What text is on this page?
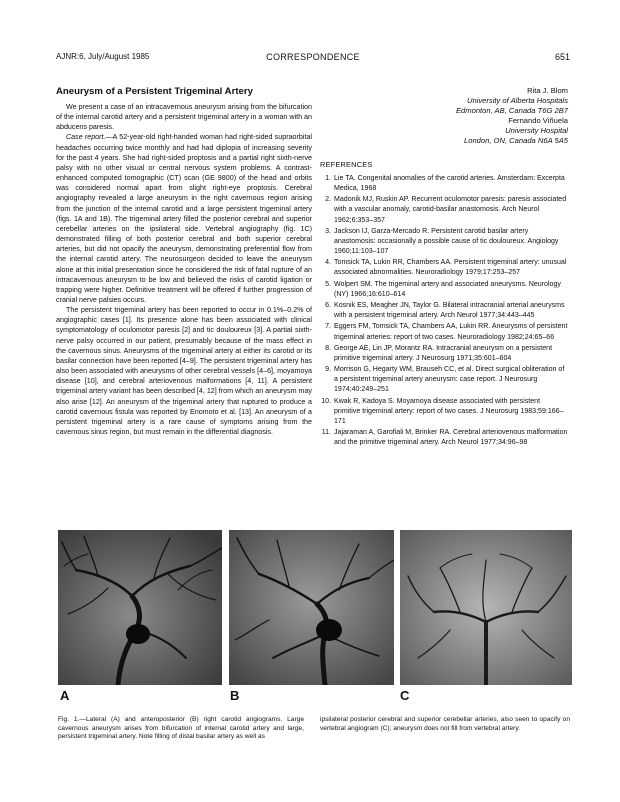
AJNR:6, July/August 1985	CORRESPONDENCE	651
Aneurysm of a Persistent Trigeminal Artery

We present a case of an intracavernous aneurysm arising from the bifurcation of the internal carotid artery and a persistent trigeminal artery in a woman with an abducens paresis.

Case report.—A 52-year-old right-handed woman had right-sided supraorbital headaches occurring twice monthly and had had diplopia of increasing severity for the past 4 years. She had right-sided proptosis and a partial right sixth-nerve palsy with no other visual or central nervous system problems. A contrast-enhanced computed tomographic (CT) scan (GE 9800) of the head and orbits was considered normal apart from slight right-eye proptosis. Cerebral angiography revealed a large aneurysm in the right cavernous region arising from the junction of the internal carotid and a large persistent trigeminal artery (figs. 1A and 1B). The trigeminal artery filled the posterior cerebral and superior cerebellar arteries on the ipsilateral side. Vertebral angiography (fig. 1C) demonstrated filling of both posterior cerebral and both superior cerebral arteries, but did not opacify the aneurysm, demonstrating preferential flow from the internal carotid artery. The neurosurgeon decided to leave the aneurysm alone at this initial presentation since he considered the risk of fatal rupture of an intracavernous aneurysm to be low and believed the risks of carotid ligation or trapping were higher. Definitive treatment will be offered if further progression of cranial nerve palsies occurs.

The persistent trigeminal artery has been reported to occur in 0.1%–0.2% of angiographic cases [1]. Its presence alone has been associated with clinical symptomatology of oculomotor paresis [2] and tic douloureux [3]. A partial sixth-nerve palsy occurred in our patient, presumably because of the mass effect in the cavernous sinus. Aneurysms of the trigeminal artery at either its carotid or its basilar connection have been reported [4–9]. The persistent trigeminal artery has also been associated with aneurysms of other cerebral vessels [4–6], moyamoya disease [10], and cerebral arteriovenous malformations [4, 11]. A persistent trigeminal artery variant has been described [4, 12] from which an aneurysm may also arise [12]. An aneurysm of the trigeminal artery that ruptured to produce a carotid cavernous fistula was reported by Enomoto et al. [13]. An aneurysm of a persistent trigeminal artery is a rare cause of symptoms arising from the cavernous sinus region, but must remain in the differential diagnosis.

Rita J. Blom
University of Alberta Hospitals
Edmonton, AB, Canada T6G 2B7
Fernando Viñuela
University Hospital
London, ON, Canada N6A 5A5
REFERENCES
1. Lie TA. Congenital anomalies of the carotid arteries. Amsterdam: Excerpta Medica, 1968
2. Madonik MJ, Ruskin AP. Recurrent oculomotor paresis: paresis associated with a vascular anomaly, carotid-basilar anastomosis. Arch Neurol 1962;6:353–357
3. Jackson IJ, Garza-Mercado R. Persistent carotid basilar artery anastomosis: occasionally a possible cause of tic douloureux. Angiology 1960;11:103–107
4. Tomsick TA, Lukin RR, Chambers AA. Persistent trigeminal artery: unusual associated abnormalities. Neuroradiology 1979;17:253–257
5. Wolpert SM. The trigeminal artery and associated aneurysms. Neurology (NY) 1966;16:610–614
6. Kosnik ES, Meagher JN, Taylor G. Bilateral intracranial arterial aneurysms with a persistent trigeminal artery. Arch Neurol 1977;34:443–445
7. Eggers FM, Tomsick TA, Chambers AA, Lukin RR. Aneurysms of persistent trigeminal arteries: report of two cases. Neuroradiology 1982;24:65–66
8. George AE, Lin JP, Morantz RA. Intracranial aneurysm on a persistent primitive trigeminal artery. J Neurosurg 1971;35:601–604
9. Morrison G, Hegarty WM, Brauseh CC, et al. Direct surgical obliteration of a persistent trigeminal artery aneurysm: case report. J Neurosurg 1974;40:249–251
10. Kwak R, Kadoya S. Moyamoya disease associated with persistent primitive trigeminal artery: report of two cases. J Neurosurg 1983;59:166–171
11. Jajaraman A, Garofiali M, Brinker RA. Cerebral arteriovenous malformation and the primitive trigeminal artery. Arch Neurol 1977;34:96–98
A	B	C
Fig. 1.—Lateral (A) and anteroposterior (B) right carotid angiograms. Large cavernous aneurysm arises from bifurcation of internal carotid artery and large, persistent trigeminal artery. Note filling of distal basilar artery as well as
ipsilateral posterior cerebral and superior cerebellar arteries, also seen to opacify on vertebral angiogram (C); aneurysm does not fill from vertebral artery.
